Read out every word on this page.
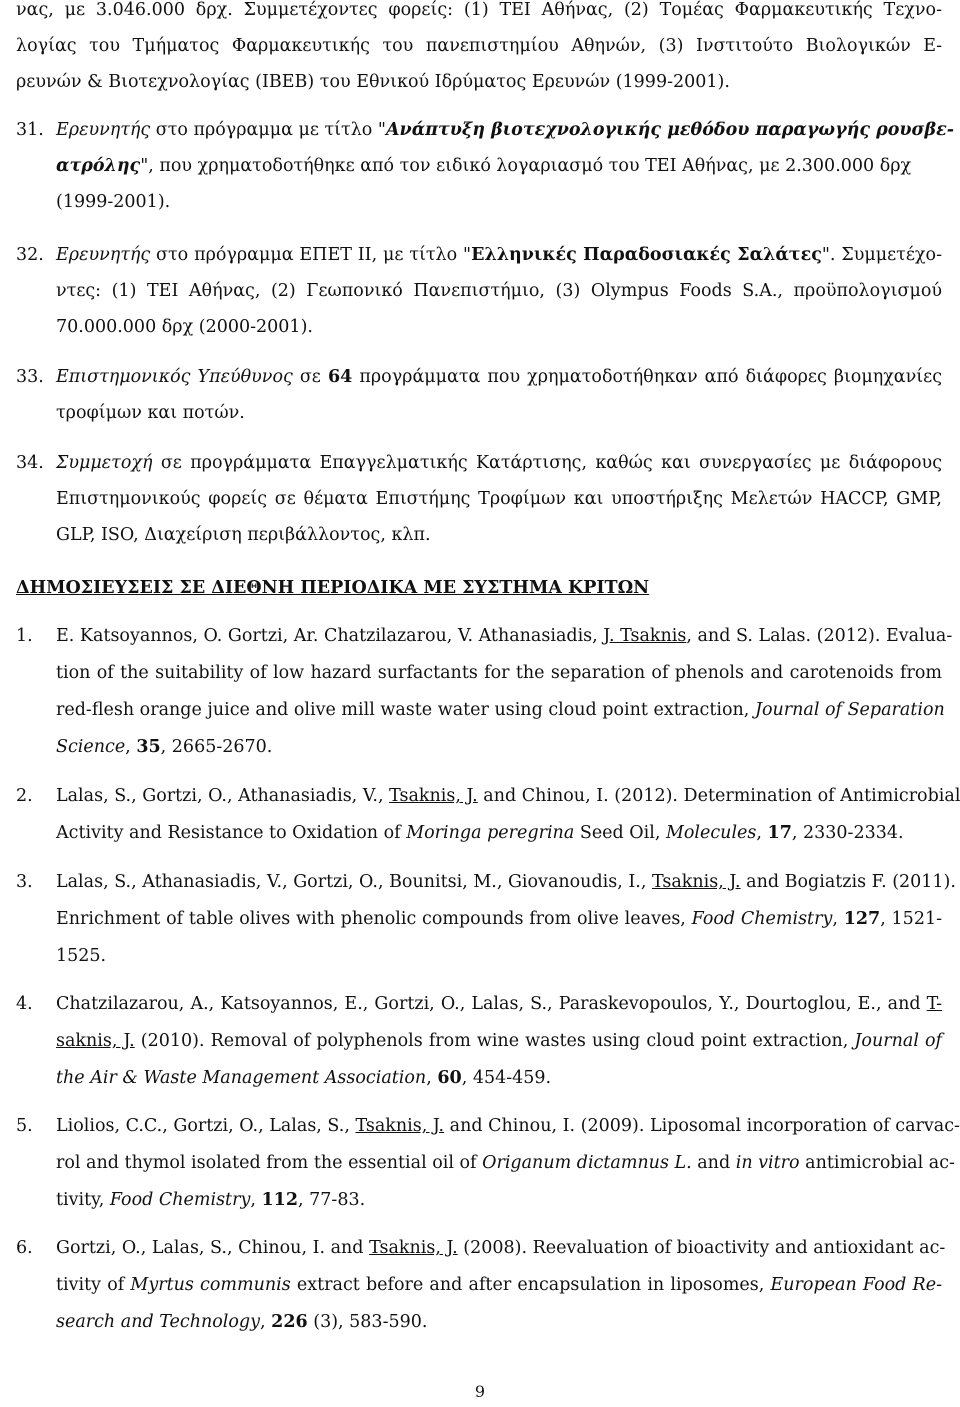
νας, με 3.046.000 δρχ. Συμμετέχοντες φορείς: (1) ΤΕΙ Αθήνας, (2) Τομέας Φαρμακευτικής Τεχνο-
λογίας του Τμήματος Φαρμακευτικής του πανεπιστημίου Αθηνών, (3) Ινστιτούτο Βιολογικών Ε-
ρευνών & Βιοτεχνολογίας (ΙΒΕΒ) του Εθνικού Ιδρύματος Ερευνών (1999-2001).
31. Ερευνητής στο πρόγραμμα με τίτλο "Ανάπτυξη βιοτεχνολογικής μεθόδου παραγωγής ρουσβε-
ατρόλης", που χρηματοδοτήθηκε από τον ειδικό λογαριασμό του ΤΕΙ Αθήνας, με 2.300.000 δρχ
(1999-2001).
32. Ερευνητής στο πρόγραμμα ΕΠΕΤ ΙΙ, με τίτλο "Ελληνικές Παραδοσιακές Σαλάτες". Συμμετέχο-
ντες: (1) ΤΕΙ Αθήνας, (2) Γεωπονικό Πανεπιστήμιο, (3) Olympus Foods S.A., προϋπολογισμού
70.000.000 δρχ (2000-2001).
33. Επιστημονικός Υπεύθυνος σε 64 προγράμματα που χρηματοδοτήθηκαν από διάφορες βιομηχανίες
τροφίμων και ποτών.
34. Συμμετοχή σε προγράμματα Επαγγελματικής Κατάρτισης, καθώς και συνεργασίες με διάφορους
Επιστημονικούς φορείς σε θέματα Επιστήμης Τροφίμων και υποστήριξης Μελετών HACCP, GMP,
GLP, ISO, Διαχείριση περιβάλλοντος, κλπ.
ΔΗΜΟΣΙΕΥΣΕΙΣ ΣΕ ΔΙΕΘΝΗ ΠΕΡΙΟΔΙΚΑ ΜΕ ΣΥΣΤΗΜΑ ΚΡΙΤΩΝ
1. E. Katsoyannos, O. Gortzi, Ar. Chatzilazarou, V. Athanasiadis, J. Tsaknis, and S. Lalas. (2012). Evalua-
tion of the suitability of low hazard surfactants for the separation of phenols and carotenoids from
red-flesh orange juice and olive mill waste water using cloud point extraction, Journal of Separation
Science, 35, 2665-2670.
2. Lalas, S., Gortzi, O., Athanasiadis, V., Tsaknis, J. and Chinou, I. (2012). Determination of Antimicrobial
Activity and Resistance to Oxidation of Moringa peregrina Seed Oil, Molecules, 17, 2330-2334.
3. Lalas, S., Athanasiadis, V., Gortzi, O., Bounitsi, M., Giovanoudis, I., Tsaknis, J. and Bogiatzis F. (2011).
Enrichment of table olives with phenolic compounds from olive leaves, Food Chemistry, 127, 1521-
1525.
4. Chatzilazarou, A., Katsoyannos, E., Gortzi, O., Lalas, S., Paraskevopoulos, Y., Dourtoglou, E., and T-
saknis, J. (2010). Removal of polyphenols from wine wastes using cloud point extraction, Journal of
the Air & Waste Management Association, 60, 454-459.
5. Liolios, C.C., Gortzi, O., Lalas, S., Tsaknis, J. and Chinou, I. (2009). Liposomal incorporation of carvac-
rol and thymol isolated from the essential oil of Origanum dictamnus L. and in vitro antimicrobial ac-
tivity, Food Chemistry, 112, 77-83.
6. Gortzi, O., Lalas, S., Chinou, I. and Tsaknis, J. (2008). Reevaluation of bioactivity and antioxidant ac-
tivity of Myrtus communis extract before and after encapsulation in liposomes, European Food Re-
search and Technology, 226 (3), 583-590.
9
